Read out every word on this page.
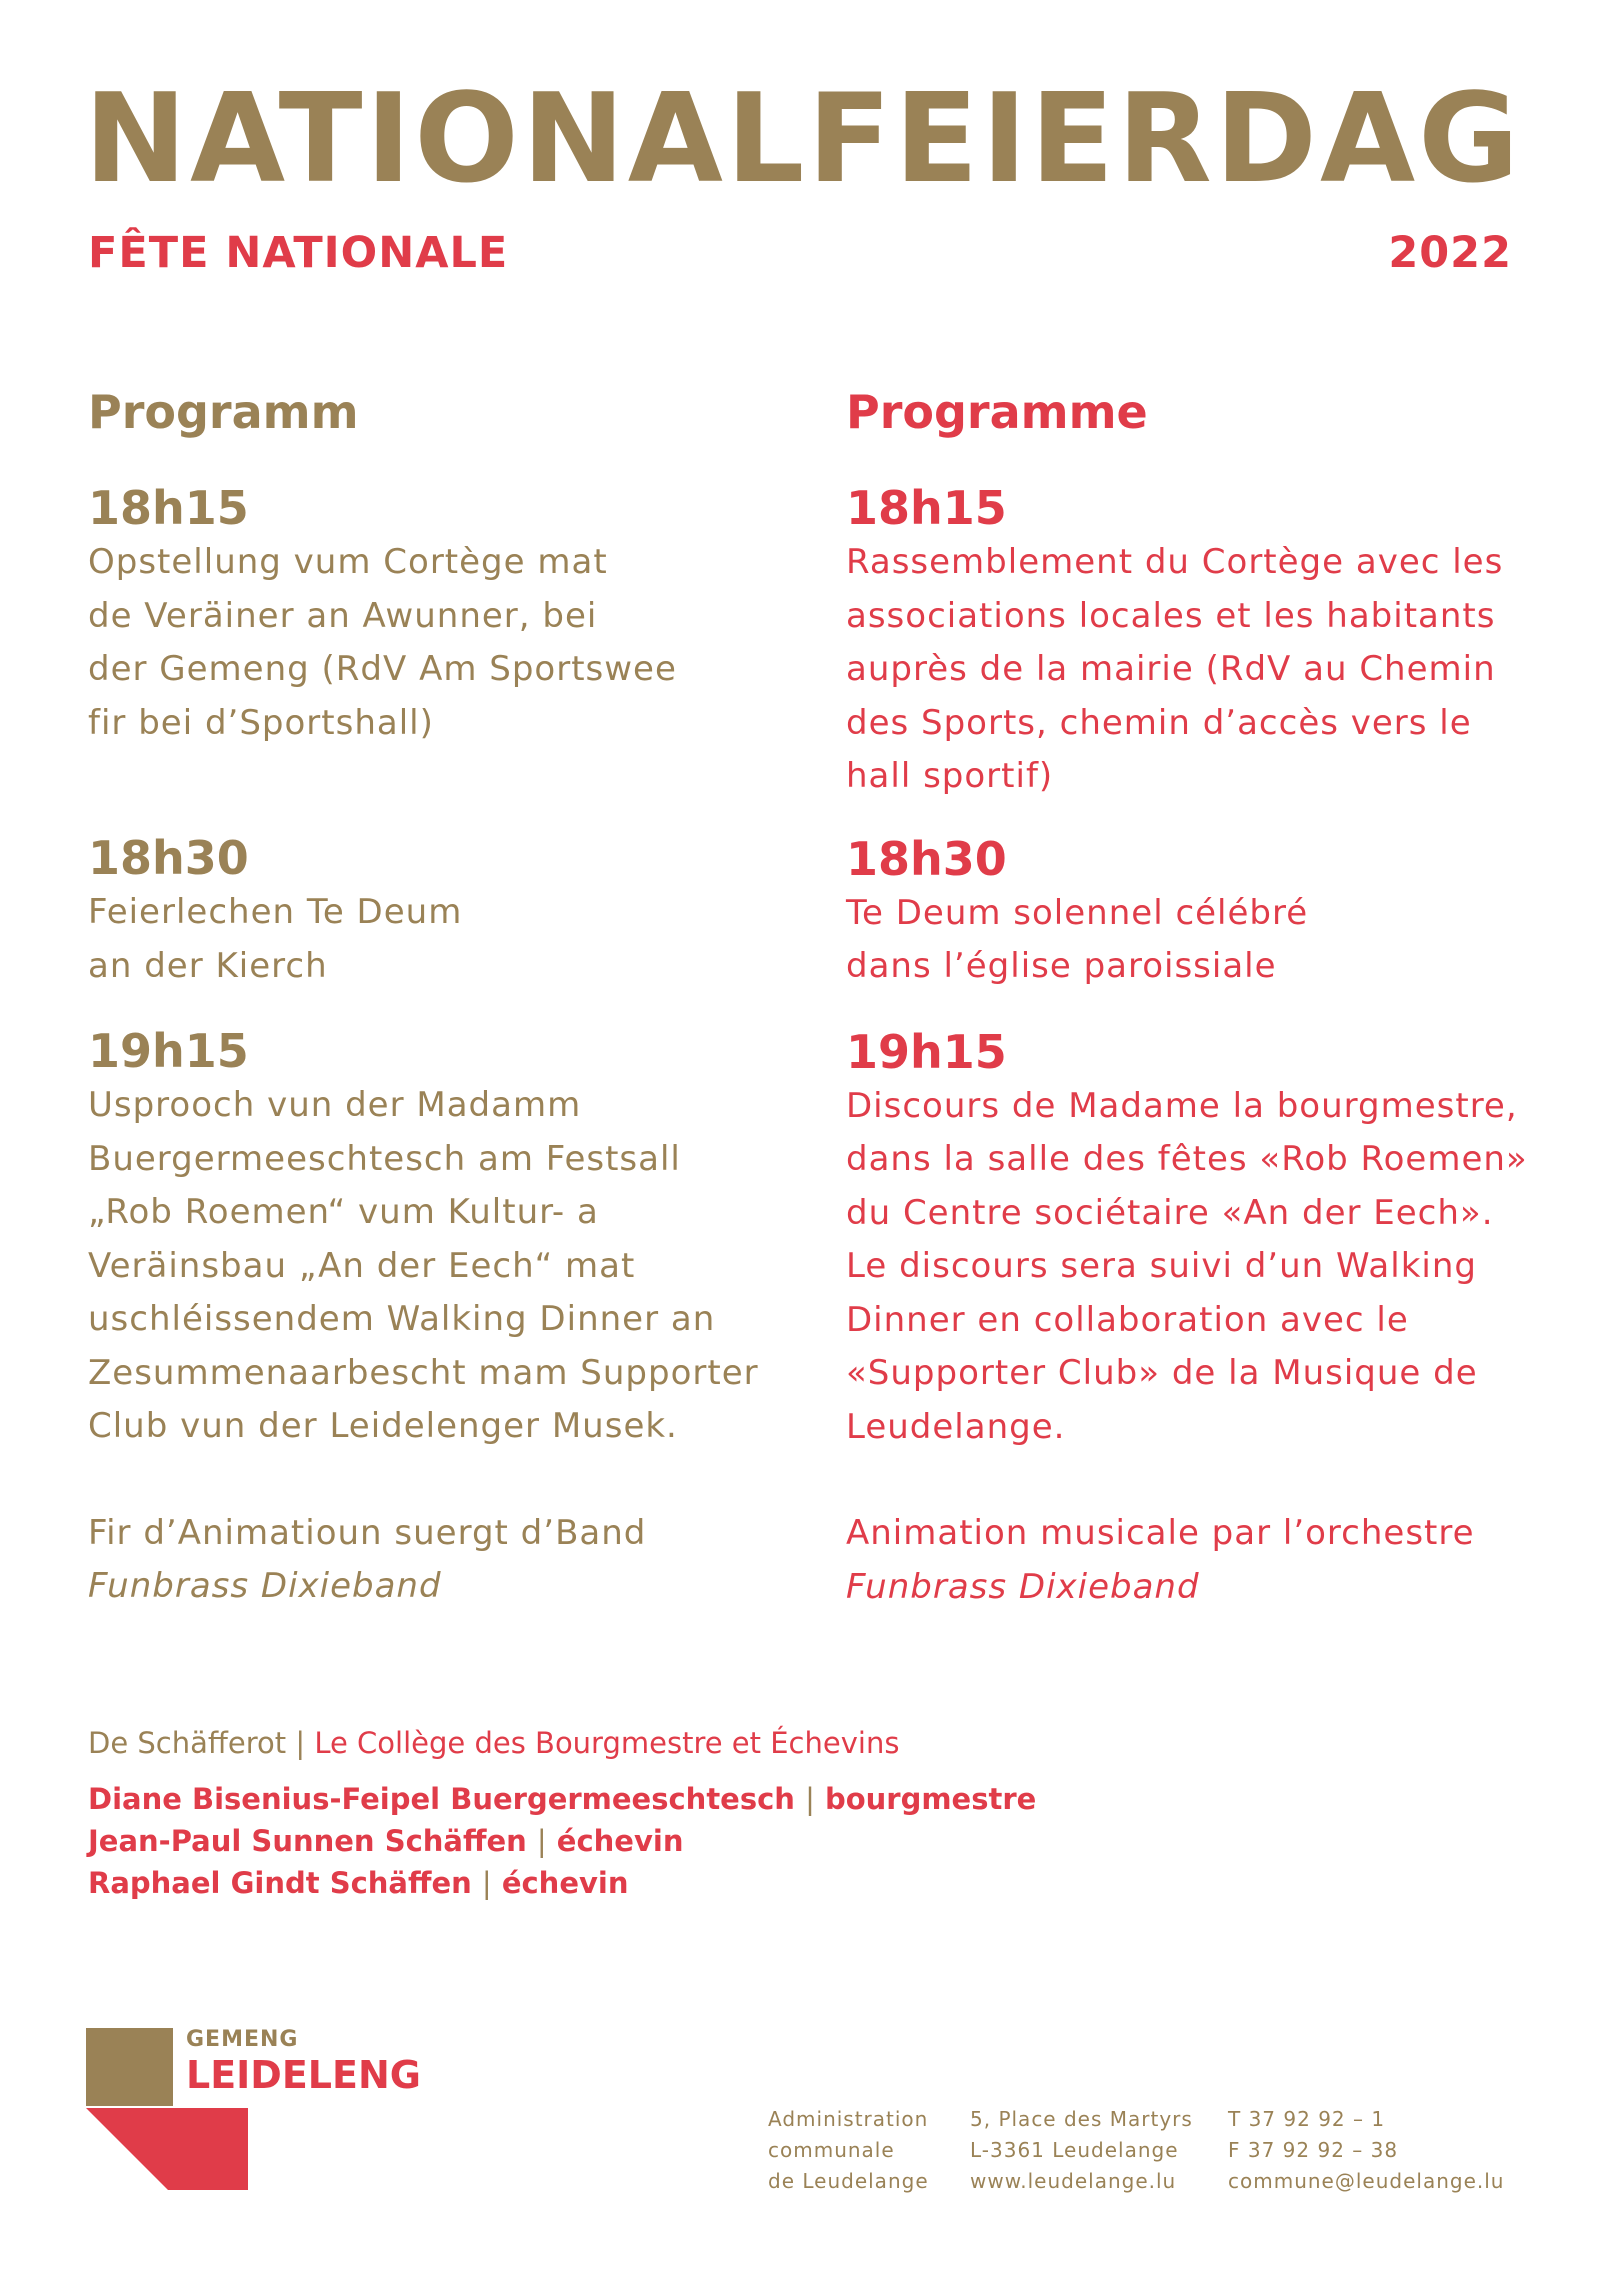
NATIONALFEIERDAG
FÊTE NATIONALE	2022
Programm

18h15

Opstellung vum Cortège mat
de Veräiner an Awunner, bei
der Gemeng (RdV Am Sportswee
fir bei d’Sportshall)

18h30

Feierlechen Te Deum
an der Kierch

19h15

Usprooch vun der Madamm
Buergermeeschtesch am Festsall
„Rob Roemen“ vum Kultur- a
Veräinsbau „An der Eech“ mat
uschléissendem Walking Dinner an
Zesummenaarbescht mam Supporter
Club vun der Leidelenger Musek.

Fir d’Animatioun suergt d’Band

Funbrass Dixieband

Programme

18h15

Rassemblement du Cortège avec les
associations locales et les habitants
auprès de la mairie (RdV au Chemin
des Sports, chemin d’accès vers le
hall sportif)

18h30

Te Deum solennel célébré
dans l’église paroissiale

19h15

Discours de Madame la bourgmestre,
dans la salle des fêtes «Rob Roemen»
du Centre sociétaire «An der Eech».
Le discours sera suivi d’un Walking
Dinner en collaboration avec le
«Supporter Club» de la Musique de
Leudelange.

Animation musicale par l’orchestre

Funbrass Dixieband

De Schäfferot | Le Collège des Bourgmestre et Échevins
Diane Bisenius-Feipel Buergermeeschtesch | bourgmestre
Jean-Paul Sunnen Schäffen | échevin
Raphael Gindt Schäffen | échevin
GEMENG
LEIDELENG
Administration
communale
de Leudelange
5, Place des Martyrs
L-3361 Leudelange
www.leudelange.lu
T 37 92 92 – 1
F 37 92 92 – 38
commune@leudelange.lu
